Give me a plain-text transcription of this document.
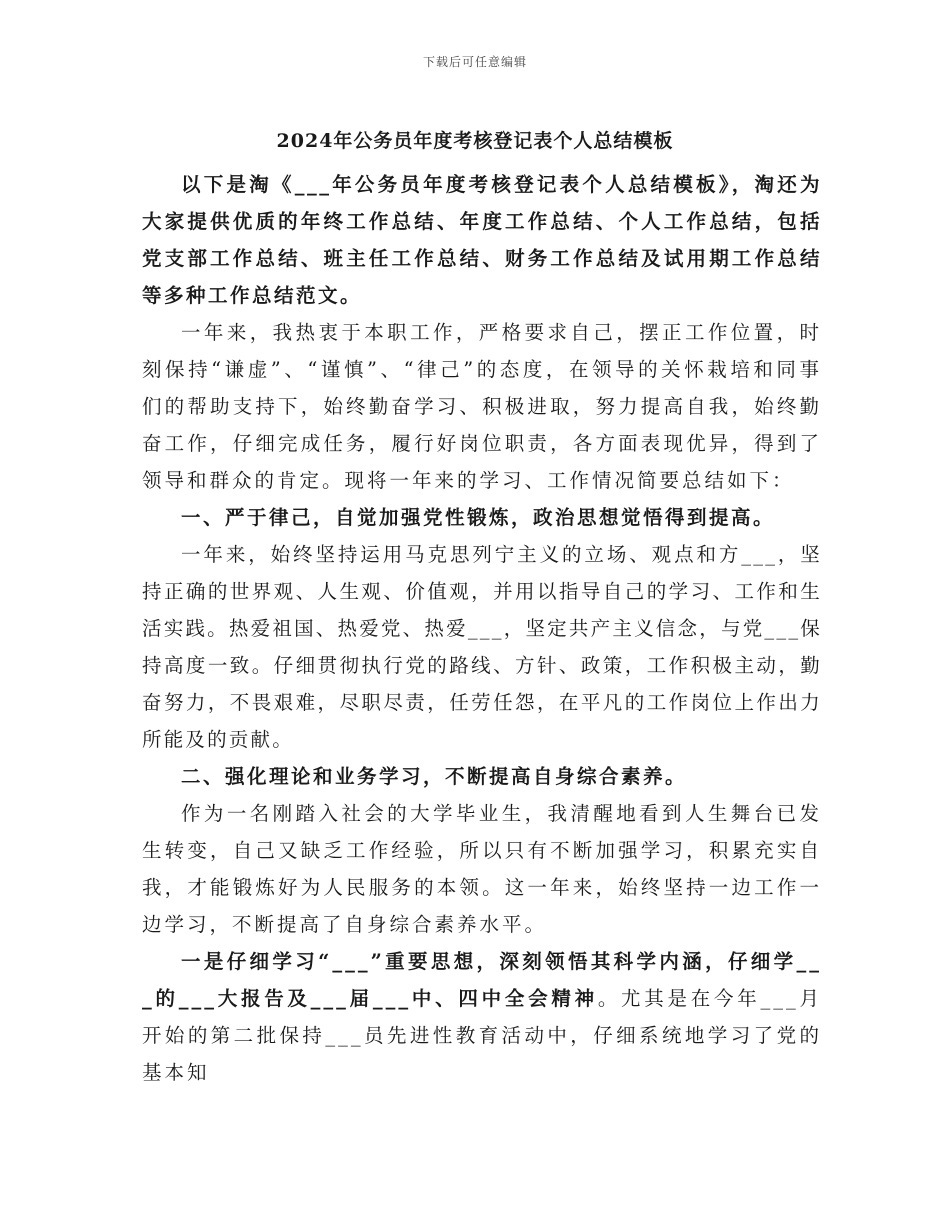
下载后可任意编辑
2024年公务员年度考核登记表个人总结模板

以下是淘《___年公务员年度考核登记表个人总结模板》，淘还为大家提供优质的年终工作总结、年度工作总结、个人工作总结，包括党支部工作总结、班主任工作总结、财务工作总结及试用期工作总结等多种工作总结范文。

一年来，我热衷于本职工作，严格要求自己，摆正工作位置，时刻保持“谦虚”、“谨慎”、“律己”的态度，在领导的关怀栽培和同事们的帮助支持下，始终勤奋学习、积极进取，努力提高自我，始终勤奋工作，仔细完成任务，履行好岗位职责，各方面表现优异，得到了领导和群众的肯定。现将一年来的学习、工作情况简要总结如下：

一、严于律己，自觉加强党性锻炼，政治思想觉悟得到提高。

一年来，始终坚持运用马克思列宁主义的立场、观点和方___，坚持正确的世界观、人生观、价值观，并用以指导自己的学习、工作和生活实践。热爱祖国、热爱党、热爱___，坚定共产主义信念，与党___保持高度一致。仔细贯彻执行党的路线、方针、政策，工作积极主动，勤奋努力，不畏艰难，尽职尽责，任劳任怨，在平凡的工作岗位上作出力所能及的贡献。

二、强化理论和业务学习，不断提高自身综合素养。

作为一名刚踏入社会的大学毕业生，我清醒地看到人生舞台已发生转变，自己又缺乏工作经验，所以只有不断加强学习，积累充实自我，才能锻炼好为人民服务的本领。这一年来，始终坚持一边工作一边学习，不断提高了自身综合素养水平。

一是仔细学习“___”重要思想，深刻领悟其科学内涵，仔细学___的___大报告及___届___中、四中全会精神。尤其是在今年___月开始的第二批保持___员先进性教育活动中，仔细系统地学习了党的基本知
